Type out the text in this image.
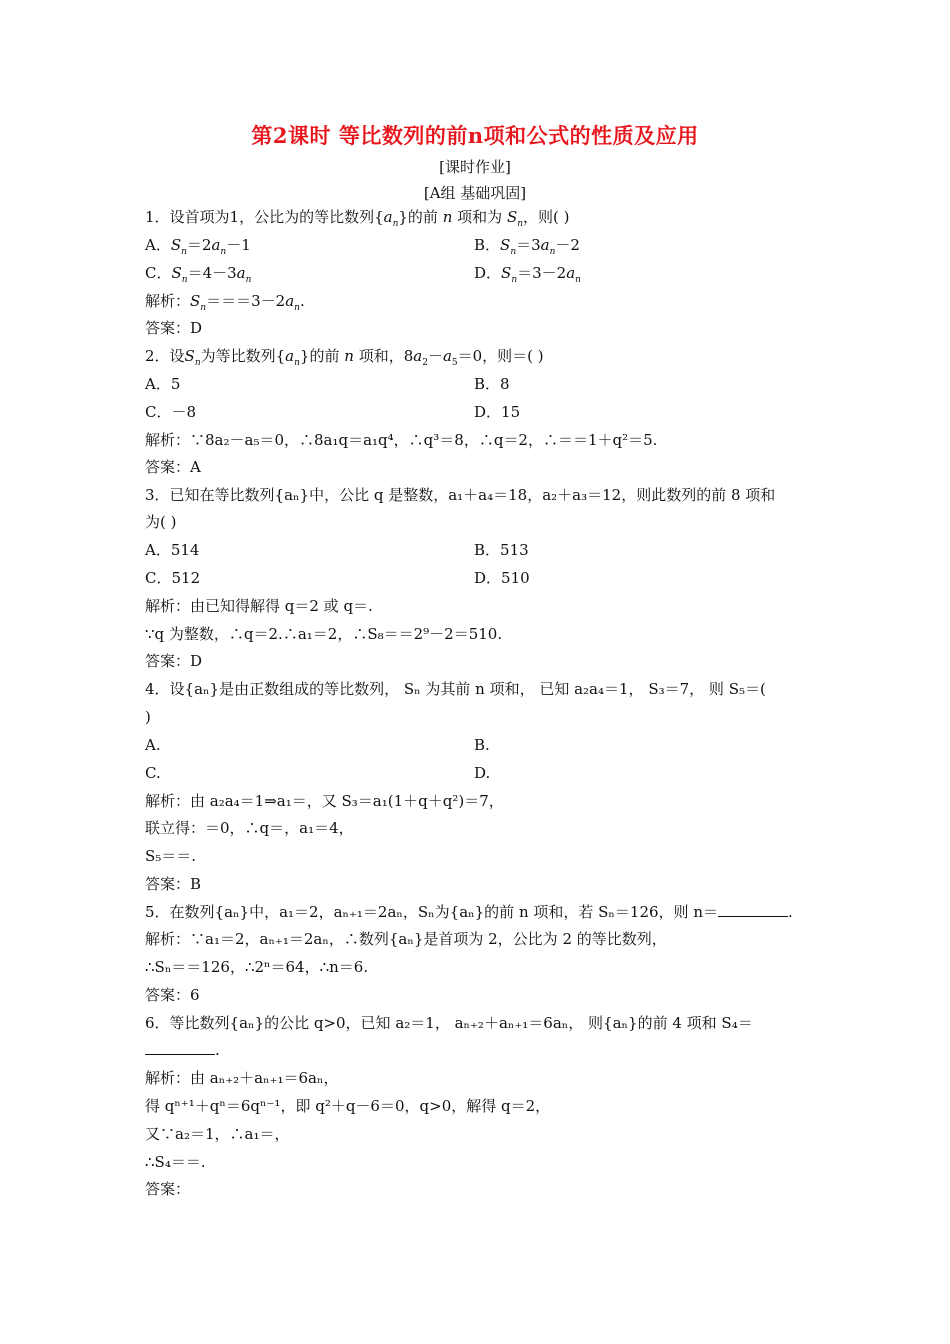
第2课时 等比数列的前n项和公式的性质及应用
[课时作业]
[A组 基础巩固]
1．设首项为1，公比为的等比数列$\{a_n\}$的前 n 项和为 $S_n$，则( )
A．$S_n=2a_n-1$	B．$S_n=3a_n-2$
C．$S_n=4-3a_n$	D．$S_n=3-2a_n$
解析：$S_n===3-2a_n$.
答案：D
2．设$S_n$为等比数列$\{a_n\}$的前 n 项和，$8a_2-a_5=0$，则＝( )
A．5	B．8
C．－8	D．15
解析：∵8a₂－a₅＝0，∴8a₁q＝a₁q⁴，∴q³＝8，∴q＝2，∴＝＝1＋q²＝5.
答案：A
3．已知在等比数列{aₙ}中，公比 q 是整数，a₁＋a₄＝18，a₂＋a₃＝12，则此数列的前 8 项和
为( )
A．514	B．513
C．512	D．510
解析：由已知得解得 q＝2 或 q＝.
∵q 为整数，∴q＝2.∴a₁＝2，∴S₈＝＝2⁹－2＝510.
答案：D
4．设{aₙ}是由正数组成的等比数列， Sₙ 为其前 n 项和， 已知 a₂a₄＝1， S₃＝7， 则 S₅＝(
)
A.	B.
C.	D.
解析：由 a₂a₄＝1⇒a₁＝，又 S₃＝a₁(1＋q＋q²)＝7，
联立得：＝0，∴q＝，a₁＝4，
S₅＝＝.
答案：B
5．在数列{aₙ}中，a₁＝2，aₙ₊₁＝2aₙ，Sₙ为{aₙ}的前 n 项和，若 Sₙ＝126，则 n＝	.
解析：∵a₁＝2，aₙ₊₁＝2aₙ，∴数列{aₙ}是首项为 2，公比为 2 的等比数列，
∴Sₙ＝＝126，∴2ⁿ＝64，∴n＝6.
答案：6
6．等比数列{aₙ}的公比 q>0，已知 a₂＝1， aₙ₊₂＋aₙ₊₁＝6aₙ， 则{aₙ}的前 4 项和 S₄＝
.
解析：由 aₙ₊₂＋aₙ₊₁＝6aₙ，
得 qⁿ⁺¹＋qⁿ＝6qⁿ⁻¹，即 q²＋q－6＝0，q>0，解得 q＝2，
又∵a₂＝1，∴a₁＝，
∴S₄＝＝.
答案：
